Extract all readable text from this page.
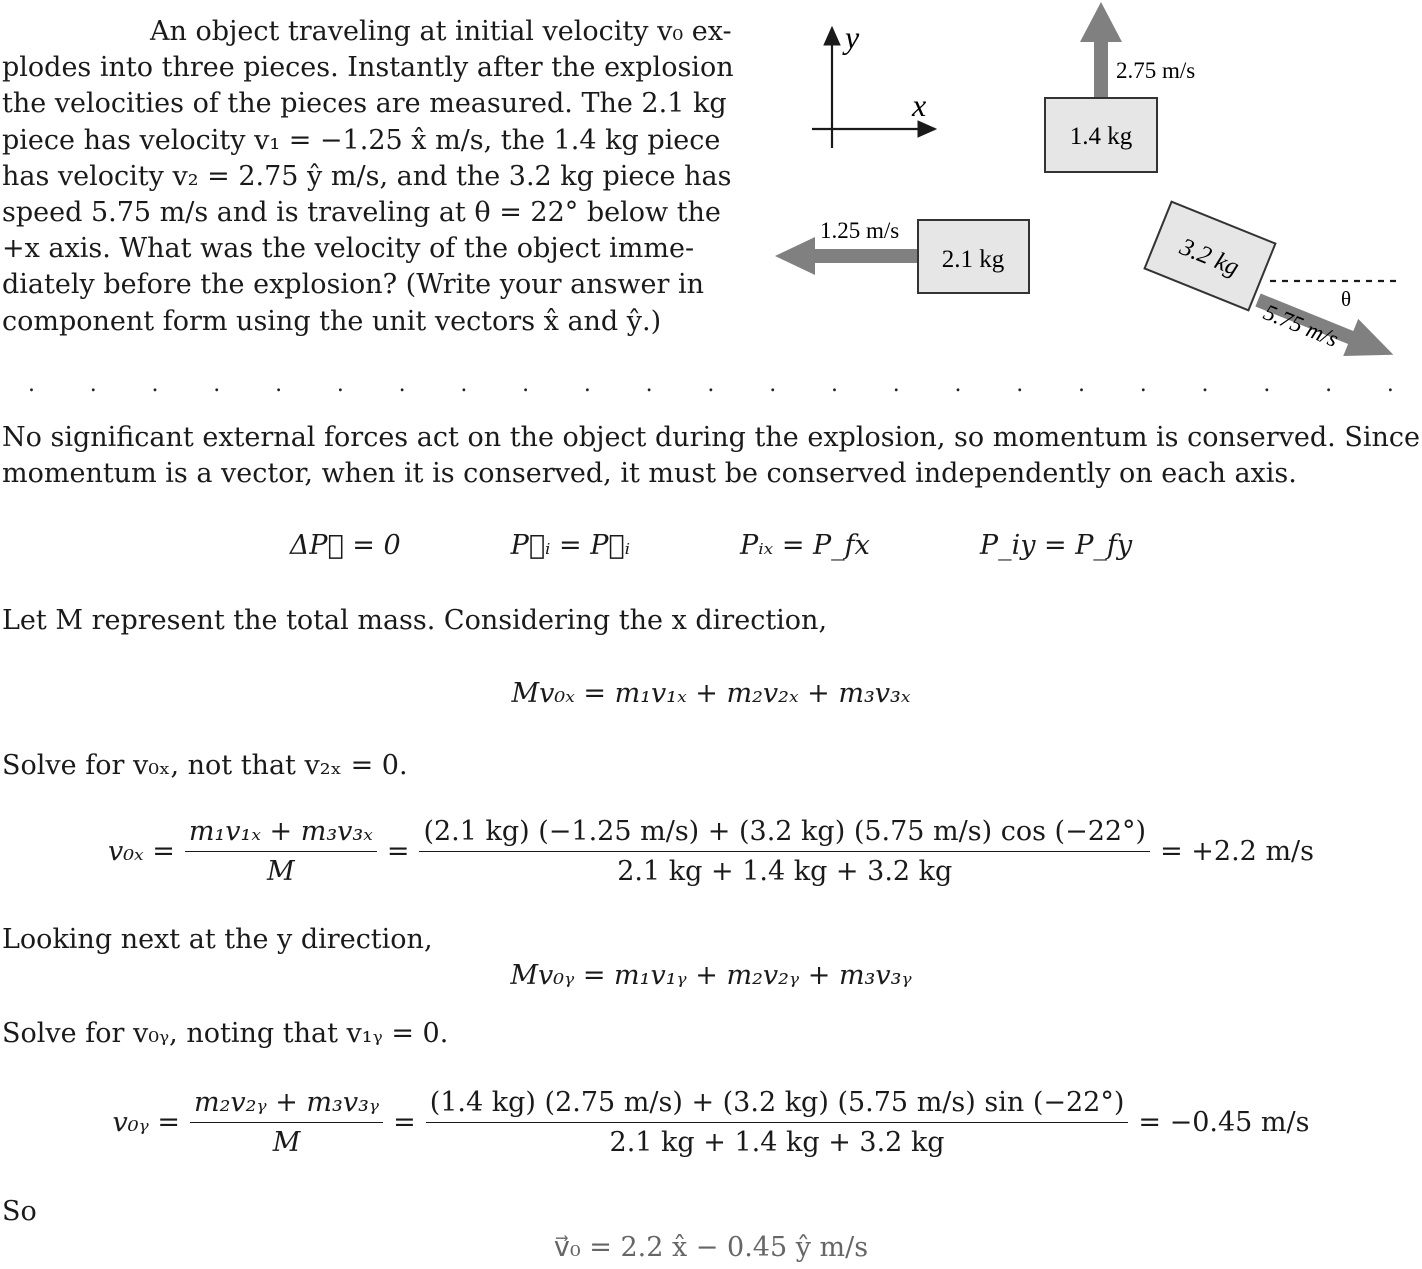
An object traveling at initial velocity v₀ ex-
plodes into three pieces. Instantly after the explosion
the velocities of the pieces are measured. The 2.1 kg
piece has velocity v₁ = −1.25 x̂ m/s, the 1.4 kg piece
has velocity v₂ = 2.75 ŷ m/s, and the 3.2 kg piece has
speed 5.75 m/s and is traveling at θ = 22° below the
+x axis. What was the velocity of the object imme-
diately before the explosion? (Write your answer in
component form using the unit vectors x̂ and ŷ.)
y
x
1.4 kg
2.75 m/s
2.1 kg
1.25 m/s
3.2 kg
θ
5.75 m/s
. . . . . . . . . . . . . . . . . . . . . . .
No significant external forces act on the object during the explosion, so momentum is conserved. Since momentum is a vector, when it is conserved, it must be conserved independently on each axis.
ΔP⃗ = 0	P⃗ᵢ = P⃗ᵢ	Pᵢₓ = P_fx	P_iy = P_fy
Let M represent the total mass. Considering the x direction,
Mv₀ₓ = m₁v₁ₓ + m₂v₂ₓ + m₃v₃ₓ
Solve for v₀ₓ, not that v₂ₓ = 0.
$v_{0x} = \frac{\text{m₁v₁ₓ + m₃v₃ₓ}}{M} = \frac{(2.1 kg) (-1.25 m/s) + (3.2 kg) (5.75 m/s) \cos (-22^\circ)}{2.1 kg + 1.4 kg + 3.2 kg} = +2.2$ m/s
Looking next at the y direction,
Mv₀ᵧ = m₁v₁ᵧ + m₂v₂ᵧ + m₃v₃ᵧ
Solve for v₀ᵧ, noting that v₁ᵧ = 0.
v₀ᵧ = $\frac{\text{m₂v₂ᵧ + m₃v₃ᵧ}}{M} = \frac{(1.4 kg) (2.75 m/s) + (3.2 kg) (5.75 m/s) \sin (-22^\circ)}{2.1 kg + 1.4 kg + 3.2 kg} = -0.45$ m/s
So
v⃗₀ = 2.2 x̂ − 0.45 ŷ m/s
